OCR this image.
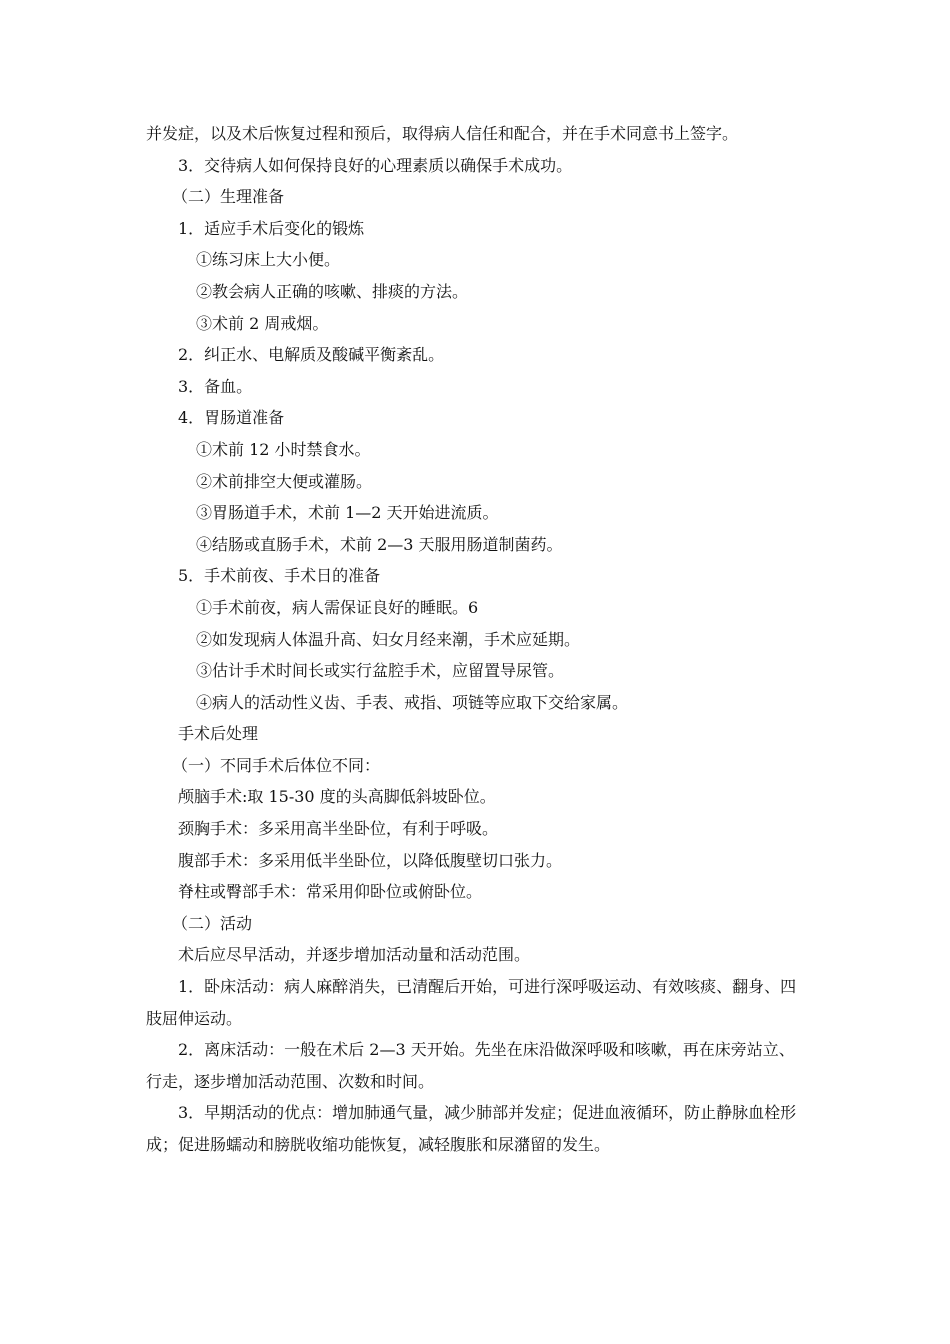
并发症，以及术后恢复过程和预后，取得病人信任和配合，并在手术同意书上签字。

3．交待病人如何保持良好的心理素质以确保手术成功。

（二）生理准备

1．适应手术后变化的锻炼

①练习床上大小便。

②教会病人正确的咳嗽、排痰的方法。

③术前 2 周戒烟。

2．纠正水、电解质及酸碱平衡紊乱。

3．备血。

4．胃肠道准备

①术前 12 小时禁食水。

②术前排空大便或灌肠。

③胃肠道手术，术前 1—2 天开始进流质。

④结肠或直肠手术，术前 2—3 天服用肠道制菌药。

5．手术前夜、手术日的准备

①手术前夜，病人需保证良好的睡眠。6

②如发现病人体温升高、妇女月经来潮，手术应延期。

③估计手术时间长或实行盆腔手术，应留置导尿管。

④病人的活动性义齿、手表、戒指、项链等应取下交给家属。

手术后处理

（一）不同手术后体位不同：

颅脑手术:取 15-30 度的头高脚低斜坡卧位。

颈胸手术：多采用高半坐卧位，有利于呼吸。

腹部手术：多采用低半坐卧位，以降低腹壁切口张力。

脊柱或臀部手术：常采用仰卧位或俯卧位。

（二）活动

术后应尽早活动，并逐步增加活动量和活动范围。

1．卧床活动：病人麻醉消失，已清醒后开始，可进行深呼吸运动、有效咳痰、翻身、四肢屈伸运动。

2．离床活动：一般在术后 2—3 天开始。先坐在床沿做深呼吸和咳嗽，再在床旁站立、行走，逐步增加活动范围、次数和时间。

3．早期活动的优点：增加肺通气量，减少肺部并发症；促进血液循环，防止静脉血栓形成；促进肠蠕动和膀胱收缩功能恢复，减轻腹胀和尿潴留的发生。
